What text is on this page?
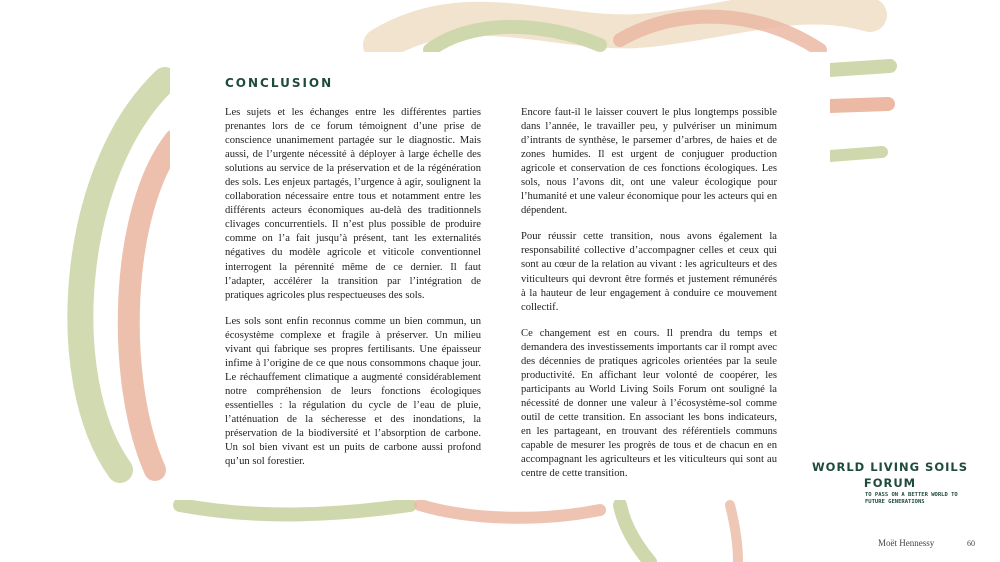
CONCLUSION

Les sujets et les échanges entre les différentes parties prenantes lors de ce forum témoignent d’une prise de conscience unanimement partagée sur le diagnostic. Mais aussi, de l’urgente nécessité à déployer à large échelle des solutions au service de la préservation et de la régénération des sols. Les enjeux partagés, l’urgence à agir, soulignent la collaboration nécessaire entre tous et notamment entre les différents acteurs économiques au-delà des traditionnels clivages concurrentiels. Il n’est plus possible de produire comme on l’a fait jusqu’à présent, tant les externalités négatives du modèle agricole et viticole conventionnel interrogent la pérennité même de ce dernier. Il faut l’adapter, accélérer la transition par l’intégration de pratiques agricoles plus respectueuses des sols.

Les sols sont enfin reconnus comme un bien commun, un écosystème complexe et fragile à préserver. Un milieu vivant qui fabrique ses propres fertilisants. Une épaisseur infime à l’origine de ce que nous consommons chaque jour. Le réchauffement climatique a augmenté considérablement notre compréhension de leurs fonctions écologiques essentielles : la régulation du cycle de l’eau de pluie, l’atténuation de la sécheresse et des inondations, la préservation de la biodiversité et l’absorption de carbone. Un sol bien vivant est un puits de carbone aussi profond qu’un sol forestier.

Encore faut-il le laisser couvert le plus longtemps possible dans l’année, le travailler peu, y pulvériser un minimum d’intrants de synthèse, le parsemer d’arbres, de haies et de zones humides. Il est urgent de conjuguer production agricole et conservation de ces fonctions écologiques. Les sols, nous l’avons dit, ont une valeur écologique pour l’humanité et une valeur économique pour les acteurs qui en dépendent.

Pour réussir cette transition, nous avons également la responsabilité collective d’accompagner celles et ceux qui sont au cœur de la relation au vivant : les agriculteurs et des viticulteurs qui devront être formés et justement rémunérés à la hauteur de leur engagement à conduire ce mouvement collectif.

Ce changement est en cours. Il prendra du temps et demandera des investissements importants car il rompt avec des décennies de pratiques agricoles orientées par la seule productivité. En affichant leur volonté de coopérer, les participants au World Living Soils Forum ont souligné la nécessité de donner une valeur à l’écosystème-sol comme outil de cette transition. En associant les bons indicateurs, en les partageant, en trouvant des référentiels communs capable de mesurer les progrès de tous et de chacun en en accompagnant les agriculteurs et les viticulteurs qui sont au centre de cette transition.	WORLD LIVING SOILS
FORUM
TO PASS ON A BETTER WORLD TO FUTURE GENERATIONS
Moët Hennessy	60
